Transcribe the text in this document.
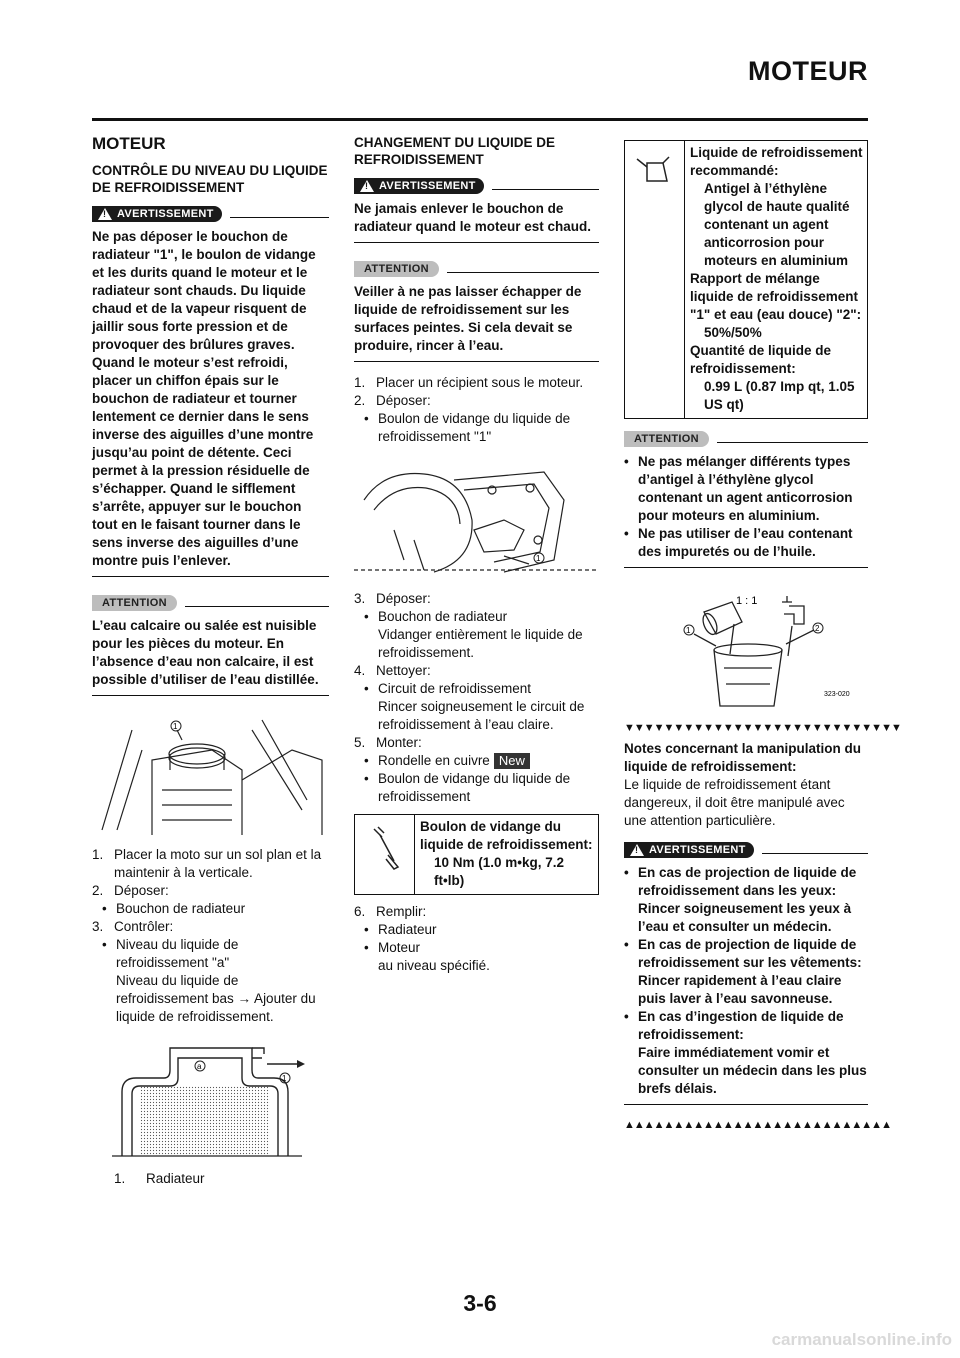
MOTEUR
MOTEUR
CONTRÔLE DU NIVEAU DU LIQUIDE DE REFROIDISSEMENT
!
AVERTISSEMENT
Ne pas déposer le bouchon de radiateur "1", le boulon de vidange et les durits quand le moteur et le radiateur sont chauds. Du liquide chaud et de la vapeur risquent de jaillir sous forte pression et de provoquer des brûlures graves. Quand le moteur s’est refroidi, placer un chiffon épais sur le bouchon de radiateur et tourner lentement ce dernier dans le sens inverse des aiguilles d’une montre jusqu’au point de détente. Ceci permet à la pression résiduelle de s’échapper. Quand le sifflement s’arrête, appuyer sur le bouchon tout en le faisant tourner dans le sens inverse des aiguilles d’une montre puis l’enlever.
ATTENTION
L’eau calcaire ou salée est nuisible pour les pièces du moteur. En l’absence d’eau non calcaire, il est possible d’utiliser de l’eau distillée.
1
1. Placer la moto sur un sol plan et la maintenir à la verticale.
2. Déposer:
• Bouchon de radiateur
3. Contrôler:
• Niveau du liquide de refroidissement "a"
Niveau du liquide de refroidissement bas → Ajouter du liquide de refroidissement.
a
1
1.	Radiateur
CHANGEMENT DU LIQUIDE DE REFROIDISSEMENT
!
AVERTISSEMENT
Ne jamais enlever le bouchon de radiateur quand le moteur est chaud.
ATTENTION
Veiller à ne pas laisser échapper de liquide de refroidissement sur les surfaces peintes. Si cela devait se produire, rincer à l’eau.
1. Placer un récipient sous le moteur.
2. Déposer:
• Boulon de vidange du liquide de refroidissement "1"
1
3. Déposer:
• Bouchon de radiateur
Vidanger entièrement le liquide de refroidissement.
4. Nettoyer:
• Circuit de refroidissement
Rincer soigneusement le circuit de refroidissement à l’eau claire.
5. Monter:
• Rondelle en cuivre New
• Boulon de vidange du liquide de refroidissement
Boulon de vidange du liquide de refroidissement:
10 Nm (1.0 m•kg, 7.2 ft•lb)
6. Remplir:
• Radiateur
• Moteur
au niveau spécifié.
Liquide de refroidissement recommandé:
Antigel à l’éthylène glycol de haute qualité contenant un agent anticorrosion pour moteurs en aluminium
Rapport de mélange liquide de refroidissement "1" et eau (eau douce) "2":
50%/50%
Quantité de liquide de refroidissement:
0.99 L (0.87 Imp qt, 1.05 US qt)
ATTENTION
• Ne pas mélanger différents types d’antigel à l’éthylène glycol contenant un agent anticorrosion pour moteurs en aluminium.
• Ne pas utiliser de l’eau contenant des impuretés ou de l’huile.
1 : 1
1	2
323-020
▼▼▼▼▼▼▼▼▼▼▼▼▼▼▼▼▼▼▼▼▼▼▼▼▼▼▼▼
Notes concernant la manipulation du liquide de refroidissement:
Le liquide de refroidissement étant dangereux, il doit être manipulé avec une attention particulière.
!
AVERTISSEMENT
• En cas de projection de liquide de refroidissement dans les yeux:
Rincer soigneusement les yeux à l’eau et consulter un médecin.
• En cas de projection de liquide de refroidissement sur les vêtements:
Rincer rapidement à l’eau claire puis laver à l’eau savonneuse.
• En cas d’ingestion de liquide de refroidissement:
Faire immédiatement vomir et consulter un médecin dans les plus brefs délais.
▲▲▲▲▲▲▲▲▲▲▲▲▲▲▲▲▲▲▲▲▲▲▲▲▲▲▲
3-6
carmanualsonline.info
